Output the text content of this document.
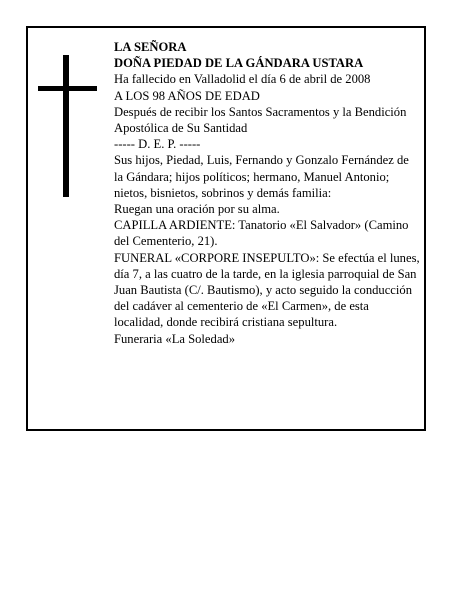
LA SEÑORA

DOÑA PIEDAD DE LA GÁNDARA USTARA

Ha fallecido en Valladolid el día 6 de abril de 2008

A LOS 98 AÑOS DE EDAD

Después de recibir los Santos Sacramentos y la Bendición Apostólica de Su Santidad

----- D. E. P. -----

Sus hijos, Piedad, Luis, Fernando y Gonzalo Fernández de la Gándara; hijos políticos; hermano, Manuel Antonio; nietos, bisnietos, sobrinos y demás familia:

Ruegan una oración por su alma.

CAPILLA ARDIENTE: Tanatorio «El Salvador» (Camino del Cementerio, 21).

FUNERAL «CORPORE INSEPULTO»: Se efectúa el lunes, día 7, a las cuatro de la tarde, en la iglesia parroquial de San Juan Bautista (C/. Bautismo), y acto seguido la conducción del cadáver al cementerio de «El Carmen», de esta localidad, donde recibirá cristiana sepultura.

Funeraria «La Soledad»
